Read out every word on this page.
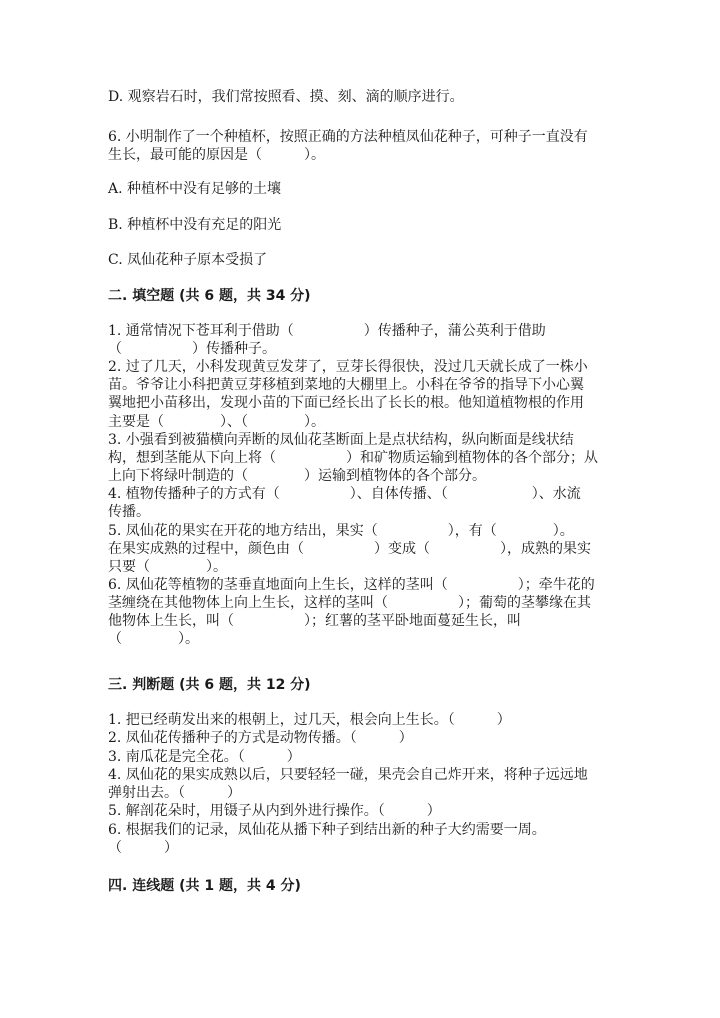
D. 观察岩石时，我们常按照看、摸、刻、滴的顺序进行。
6. 小明制作了一个种植杯，按照正确的方法种植凤仙花种子，可种子一直没有
生长，最可能的原因是（　　　）。
A. 种植杯中没有足够的土壤
B. 种植杯中没有充足的阳光
C. 凤仙花种子原本受损了
二. 填空题 (共 6 题，共 34 分)
1. 通常情况下苍耳利于借助（　　　　　）传播种子，蒲公英利于借助
（　　　　　）传播种子。
2. 过了几天，小科发现黄豆发芽了，豆芽长得很快，没过几天就长成了一株小
苗。爷爷让小科把黄豆芽移植到菜地的大棚里上。小科在爷爷的指导下小心翼
翼地把小苗移出，发现小苗的下面已经长出了长长的根。他知道植物根的作用
主要是（　　　　）、（　　　　）。
3. 小强看到被猫横向弄断的凤仙花茎断面上是点状结构，纵向断面是线状结
构，想到茎能从下向上将（　　　　　）和矿物质运输到植物体的各个部分；从
上向下将绿叶制造的（　　　　）运输到植物体的各个部分。
4. 植物传播种子的方式有（　　　　　）、自体传播、（　　　　　　）、水流
传播。
5. 凤仙花的果实在开花的地方结出，果实（　　　　　），有（　　　　）。
在果实成熟的过程中，颜色由（　　　　　）变成（　　　　　），成熟的果实
只要（　　　　）。
6. 凤仙花等植物的茎垂直地面向上生长，这样的茎叫（　　　　　）；牵牛花的
茎缠绕在其他物体上向上生长，这样的茎叫（　　　　　）；葡萄的茎攀缘在其
他物体上生长，叫（　　　　　）；红薯的茎平卧地面蔓延生长，叫
（　　　　）。
三. 判断题 (共 6 题，共 12 分)
1. 把已经萌发出来的根朝上，过几天，根会向上生长。（　　　）
2. 凤仙花传播种子的方式是动物传播。（　　　）
3. 南瓜花是完全花。（　　　）
4. 凤仙花的果实成熟以后，只要轻轻一碰，果壳会自己炸开来，将种子远远地
弹射出去。（　　　）
5. 解剖花朵时，用镊子从内到外进行操作。（　　　）
6. 根据我们的记录，凤仙花从播下种子到结出新的种子大约需要一周。
（　　　）
四. 连线题 (共 1 题，共 4 分)
